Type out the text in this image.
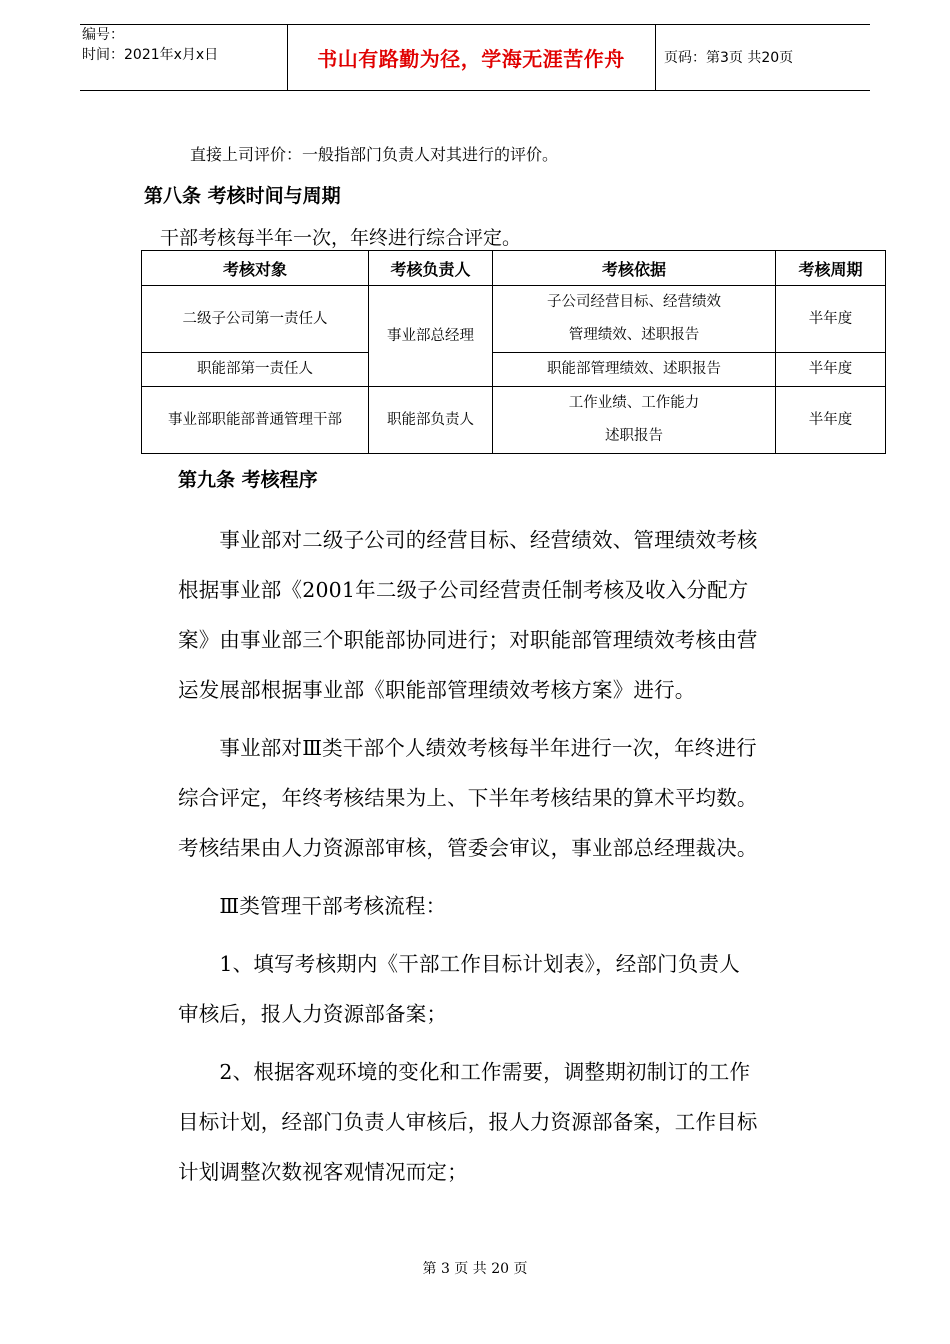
编号：
时间：2021年x月x日	书山有路勤为径，学海无涯苦作舟	页码：第3页 共20页
直接上司评价：一般指部门负责人对其进行的评价。
第八条 考核时间与周期
干部考核每半年一次，年终进行综合评定。
考核对象	考核负责人	考核依据	考核周期
二级子公司第一责任人	事业部总经理	子公司经营目标、经营绩效
管理绩效、述职报告	半年度
职能部第一责任人		职能部管理绩效、述职报告	半年度
事业部职能部普通管理干部	职能部负责人	工作业绩、工作能力
述职报告	半年度
第九条 考核程序
　　事业部对二级子公司的经营目标、经营绩效、管理绩效考核
根据事业部《2001年二级子公司经营责任制考核及收入分配方
案》由事业部三个职能部协同进行；对职能部管理绩效考核由营
运发展部根据事业部《职能部管理绩效考核方案》进行。
　　事业部对Ⅲ类干部个人绩效考核每半年进行一次，年终进行
综合评定，年终考核结果为上、下半年考核结果的算术平均数。
考核结果由人力资源部审核，管委会审议，事业部总经理裁决。
　　Ⅲ类管理干部考核流程：
　　1、填写考核期内《干部工作目标计划表》，经部门负责人
审核后，报人力资源部备案；
　　2、根据客观环境的变化和工作需要，调整期初制订的工作
目标计划，经部门负责人审核后，报人力资源部备案，工作目标
计划调整次数视客观情况而定；
第 3 页 共 20 页
